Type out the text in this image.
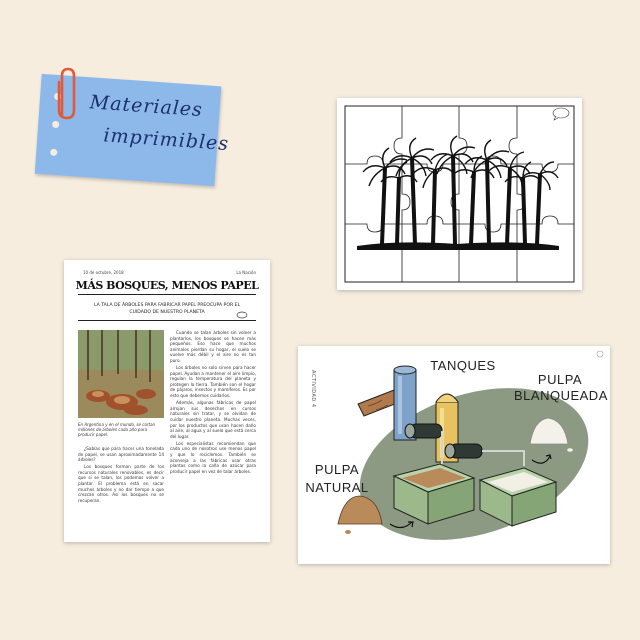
Materiales
imprimibles
10 de octubre, 2018	La Nación
MÁS BOSQUES, MENOS PAPEL
LA TALA DE ÁRBOLES PARA FABRICAR PAPEL PREOCUPA POR EL CUIDADO DE NUESTRO PLANETA
En Argentina y en el mundo, se cortan millones de árboles cada año para producir papel.

¿Sabías que para hacer una tonelada de papel, se usan aproximadamente 14 árboles?

Los bosques forman parte de los recursos naturales renovables, es decir que si se talan, los podemos volver a plantar. El problema está en sacar muchos árboles y no dar tiempo a que crezcan otros. Así los bosques no se recuperan.

Cuando se talan árboles sin volver a plantarlos, los bosques se hacen más pequeños. Eso hace que muchos animales pierdan su hogar, el suelo se vuelve más débil y el aire no es tan puro.

Los árboles no solo sirven para hacer papel. Ayudan a mantener el aire limpio, regulan la temperatura del planeta y protegen la tierra. También son el hogar de pájaros, insectos y mamíferos. Es por esto que debemos cuidarlos.

Además, algunas fábricas de papel arrojan sus desechos en cursos naturales sin tratar, y se olvidan de cuidar nuestro planeta. Muchas veces, por los productos que usan hacen daño al aire, al agua y al suelo que está cerca del lugar.

Los especialistas recomiendan que cada uno de nosotros use menos papel y que lo reciclemos. También se aconseja a las fábricas usar otras plantas como la caña de azúcar para producir papel en vez de talar árboles.

ACTIVIDAD 4
TANQUES
PULPA
BLANQUEADA
PULPA
NATURAL
